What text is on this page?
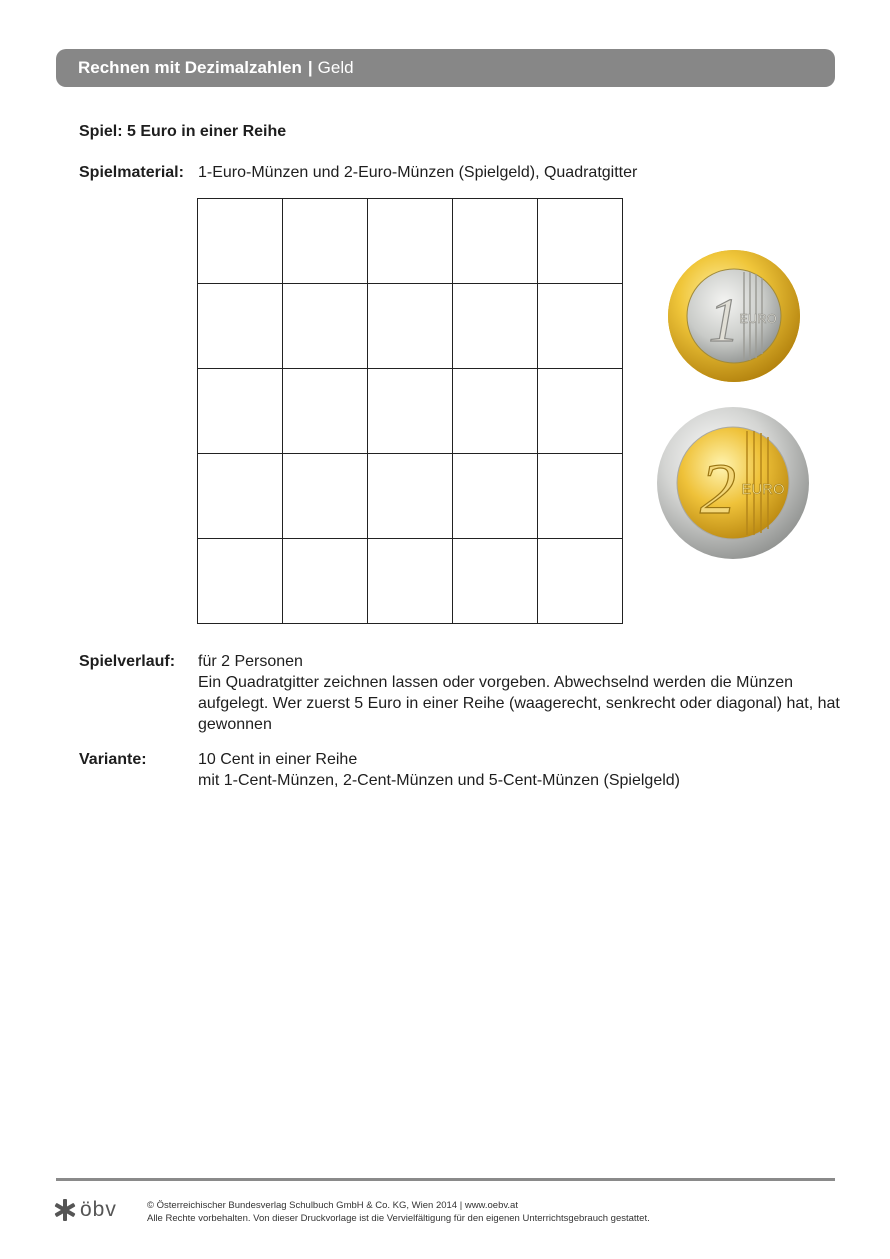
Rechnen mit Dezimalzahlen | Geld
Spiel: 5 Euro in einer Reihe
Spielmaterial: 1-Euro-Münzen und 2-Euro-Münzen (Spielgeld), Quadratgitter
1 EURO
2 EURO
Spielverlauf: für 2 Personen
Ein Quadratgitter zeichnen lassen oder vorgeben. Abwechselnd werden die Münzen aufgelegt. Wer zuerst 5 Euro in einer Reihe (waagerecht, senkrecht oder diagonal) hat, hat gewonnen
Variante:	10 Cent in einer Reihe
mit 1-Cent-Münzen, 2-Cent-Münzen und 5-Cent-Münzen (Spielgeld)
öbv	© Österreichischer Bundesverlag Schulbuch GmbH & Co. KG, Wien 2014 | www.oebv.at
Alle Rechte vorbehalten. Von dieser Druckvorlage ist die Vervielfältigung für den eigenen Unterrichtsgebrauch gestattet.
